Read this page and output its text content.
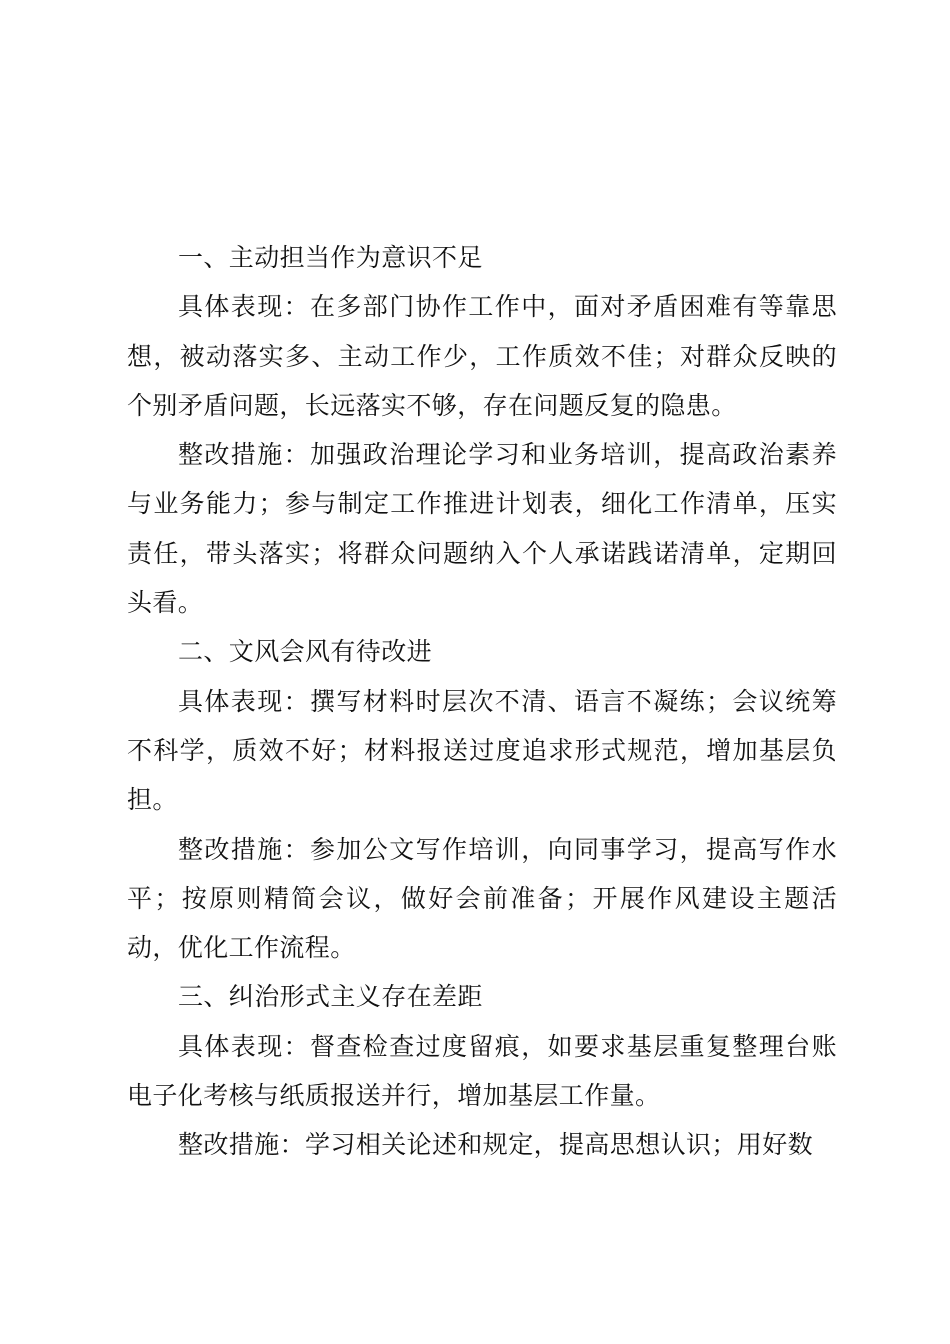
一、主动担当作为意识不足

具体表现：在多部门协作工作中，面对矛盾困难有等靠思想，被动落实多、主动工作少，工作质效不佳；对群众反映的个别矛盾问题，长远落实不够，存在问题反复的隐患。

整改措施：加强政治理论学习和业务培训，提高政治素养与业务能力；参与制定工作推进计划表，细化工作清单，压实责任，带头落实；将群众问题纳入个人承诺践诺清单，定期回头看。

二、文风会风有待改进

具体表现：撰写材料时层次不清、语言不凝练；会议统筹不科学，质效不好；材料报送过度追求形式规范，增加基层负担。

整改措施：参加公文写作培训，向同事学习，提高写作水平；按原则精简会议，做好会前准备；开展作风建设主题活动，优化工作流程。

三、纠治形式主义存在差距

具体表现：督查检查过度留痕，如要求基层重复整理台账电子化考核与纸质报送并行，增加基层工作量。

整改措施：学习相关论述和规定，提高思想认识；用好数
